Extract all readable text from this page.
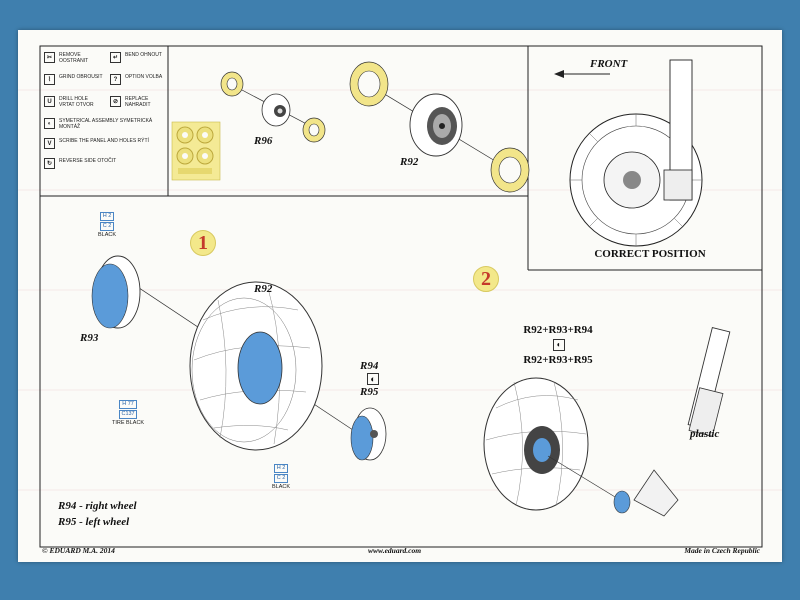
✂	REMOVE OOSTRANIT
⌇	GRIND OBROUSIT
U	DRILL HOLE VRTAT OTVOR
↵	BEND OHNOUT
?	OPTION VOLBA
⊘	REPLACE NAHRADIT
◐	SYMETRICAL ASSEMBLY SYMETRICKÁ MONTÁŽ
V	SCRIBE THE PANEL AND HOLES RÝTÍ
↻	REVERSE SIDE OTOČIT
R96
R92
R92
R93
R94
◐
R95
FRONT
CORRECT POSITION
1
2
H 2
C 2
BLACK
H 77
C137
TIRE BLACK
H 2
C 2
BLACK
R92+R93+R94
◐
R92+R93+R95
plastic
R94 - right wheel
R95 - left wheel
© EDUARD M.A. 2014	www.eduard.com	Made in Czech Republic
